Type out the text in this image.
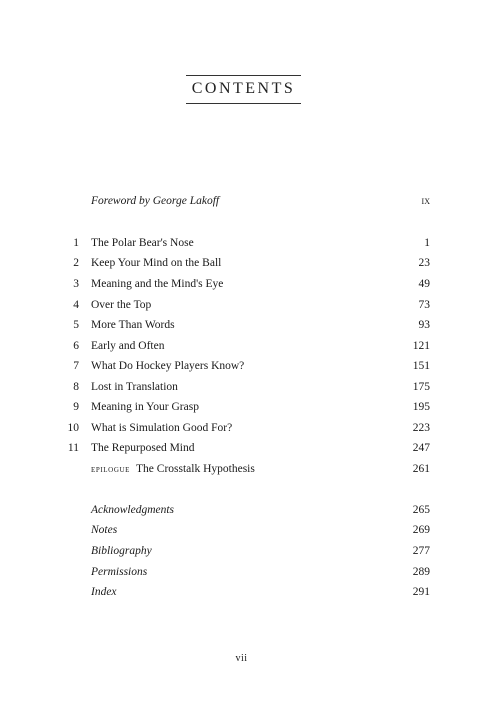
CONTENTS
Foreword by George Lakoff	ix
1 The Polar Bear's Nose	1
2 Keep Your Mind on the Ball	23
3 Meaning and the Mind's Eye	49
4 Over the Top	73
5 More Than Words	93
6 Early and Often	121
7 What Do Hockey Players Know?	151
8 Lost in Translation	175
9 Meaning in Your Grasp	195
10 What is Simulation Good For?	223
11 The Repurposed Mind	247
epilogue The Crosstalk Hypothesis	261
Acknowledgments	265
Notes	269
Bibliography	277
Permissions	289
Index	291
vii
